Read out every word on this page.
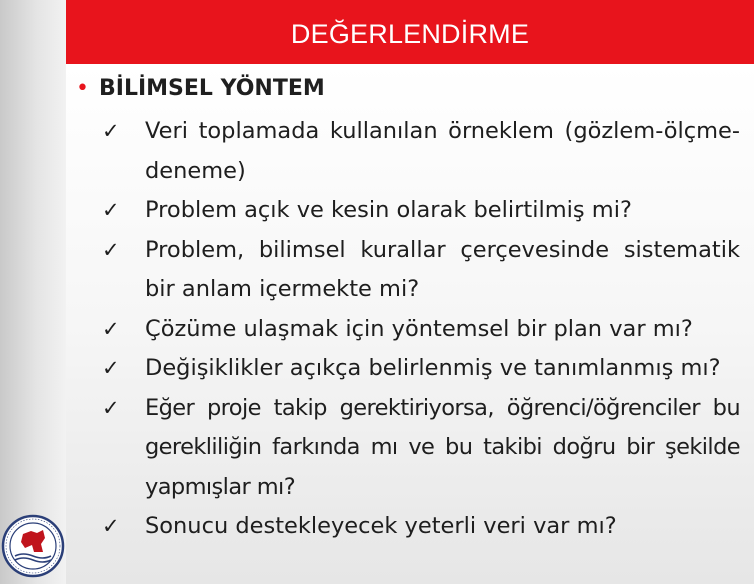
DEĞERLENDİRME
• BİLİMSEL YÖNTEM
✓ Veri toplamada kullanılan örneklem (gözlem-ölçme-deneme)
✓ Problem açık ve kesin olarak belirtilmiş mi?
✓ Problem, bilimsel kurallar çerçevesinde sistematik bir anlam içermekte mi?
✓ Çözüme ulaşmak için yöntemsel bir plan var mı?
✓ Değişiklikler açıkça belirlenmiş ve tanımlanmış mı?
✓ Eğer proje takip gerektiriyorsa, öğrenci/öğrenciler bu gerekliliğin farkında mı ve bu takibi doğru bir şekilde yapmışlar mı?
✓ Sonucu destekleyecek yeterli veri var mı?
